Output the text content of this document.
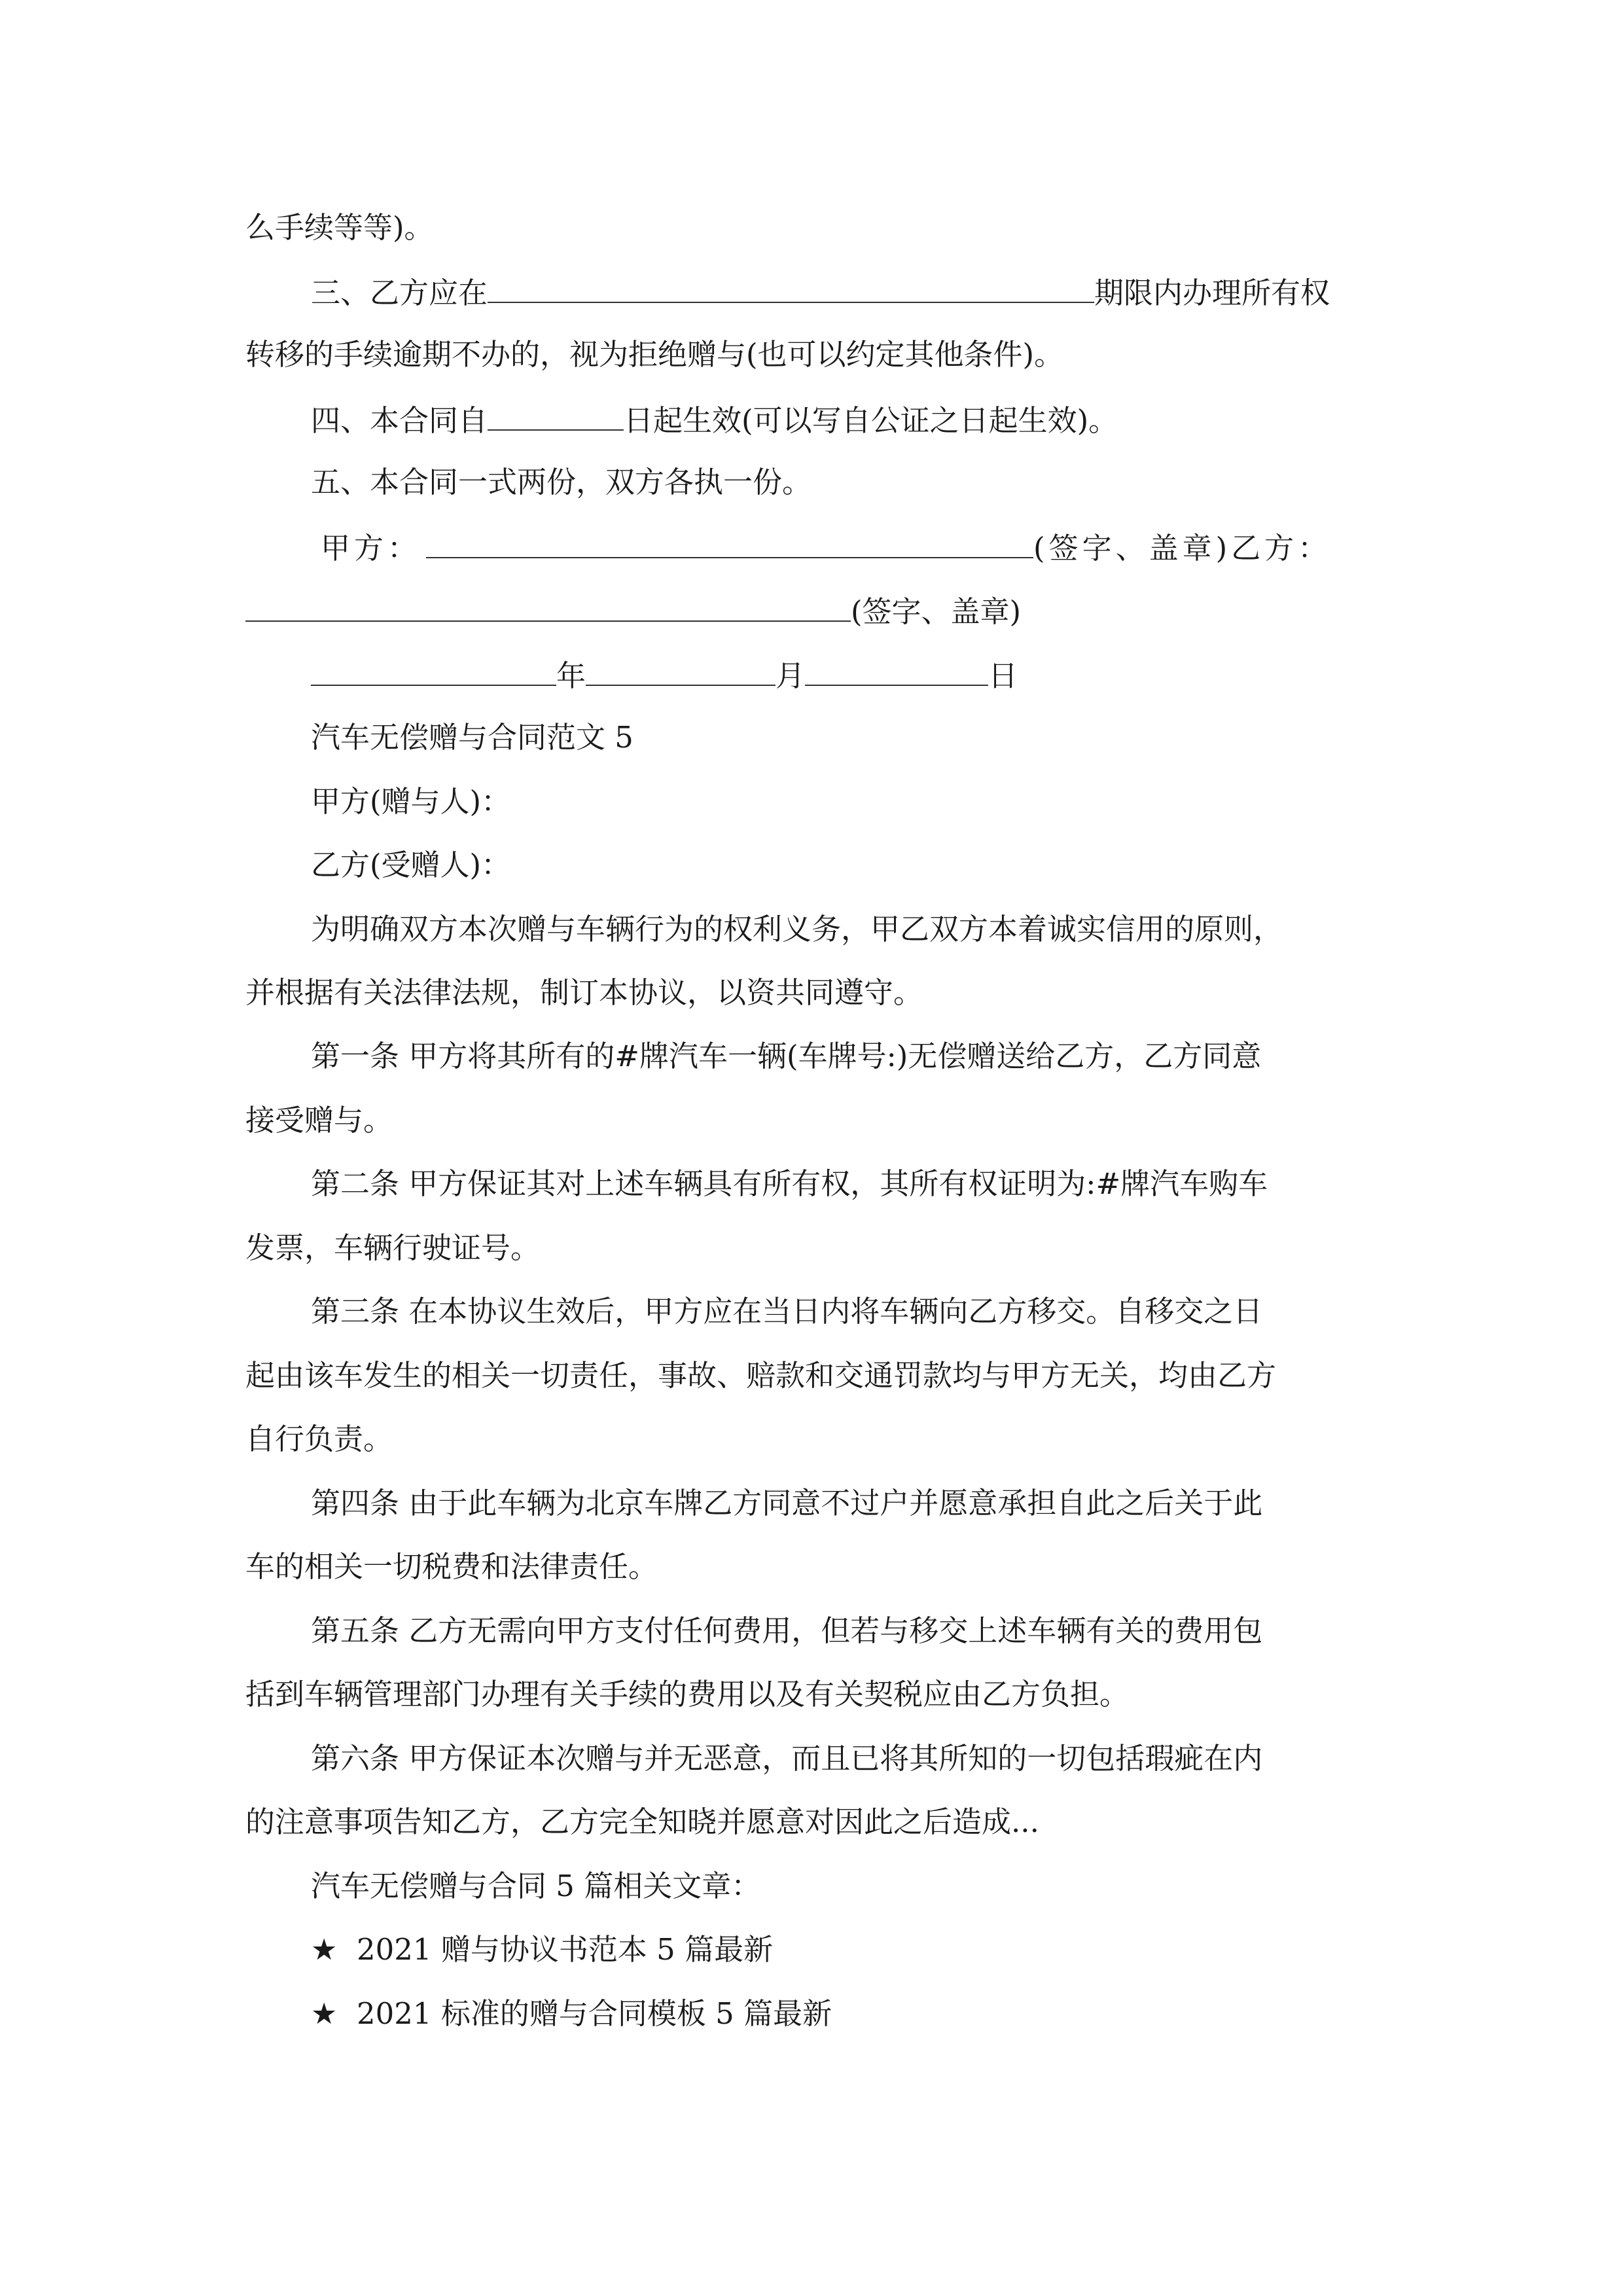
么手续等等)。
三、乙方应在	期限内办理所有权
转移的手续逾期不办的，视为拒绝赠与(也可以约定其他条件)。
四、本合同自	日起生效(可以写自公证之日起生效)。
五、本合同一式两份，双方各执一份。
甲方：	(签字、盖章)乙方：
(签字、盖章)
年	月	日
汽车无偿赠与合同范文 5
甲方(赠与人)：
乙方(受赠人)：
为明确双方本次赠与车辆行为的权利义务，甲乙双方本着诚实信用的原则，
并根据有关法律法规，制订本协议，以资共同遵守。
第一条 甲方将其所有的#牌汽车一辆(车牌号:)无偿赠送给乙方，乙方同意
接受赠与。
第二条 甲方保证其对上述车辆具有所有权，其所有权证明为:#牌汽车购车
发票，车辆行驶证号。
第三条 在本协议生效后，甲方应在当日内将车辆向乙方移交。自移交之日
起由该车发生的相关一切责任，事故、赔款和交通罚款均与甲方无关，均由乙方
自行负责。
第四条 由于此车辆为北京车牌乙方同意不过户并愿意承担自此之后关于此
车的相关一切税费和法律责任。
第五条 乙方无需向甲方支付任何费用，但若与移交上述车辆有关的费用包
括到车辆管理部门办理有关手续的费用以及有关契税应由乙方负担。
第六条 甲方保证本次赠与并无恶意，而且已将其所知的一切包括瑕疵在内
的注意事项告知乙方，乙方完全知晓并愿意对因此之后造成...
汽车无偿赠与合同 5 篇相关文章：
★ 2021 赠与协议书范本 5 篇最新
★ 2021 标准的赠与合同模板 5 篇最新
